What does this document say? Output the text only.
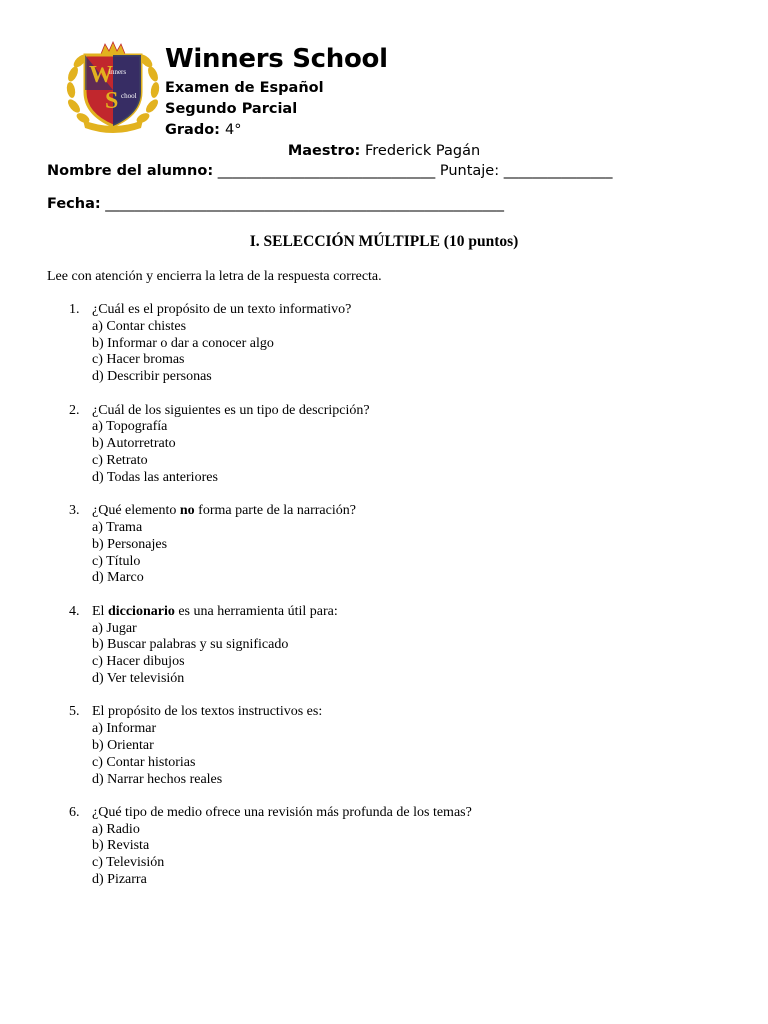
W
inners
S chool
Winners School
Examen de Español
Segundo Parcial
Grado: 4°
Maestro: Frederick Pagán
Nombre del alumno: ______________________________ Puntaje: _______________
Fecha: _______________________________________________________
I. SELECCIÓN MÚLTIPLE (10 puntos)
Lee con atención y encierra la letra de la respuesta correcta.
1. ¿Cuál es el propósito de un texto informativo?
a) Contar chistes
b) Informar o dar a conocer algo
c) Hacer bromas
d) Describir personas
2. ¿Cuál de los siguientes es un tipo de descripción?
a) Topografía
b) Autorretrato
c) Retrato
d) Todas las anteriores
3. ¿Qué elemento no forma parte de la narración?
a) Trama
b) Personajes
c) Título
d) Marco
4. El diccionario es una herramienta útil para:
a) Jugar
b) Buscar palabras y su significado
c) Hacer dibujos
d) Ver televisión
5. El propósito de los textos instructivos es:
a) Informar
b) Orientar
c) Contar historias
d) Narrar hechos reales
6. ¿Qué tipo de medio ofrece una revisión más profunda de los temas?
a) Radio
b) Revista
c) Televisión
d) Pizarra
